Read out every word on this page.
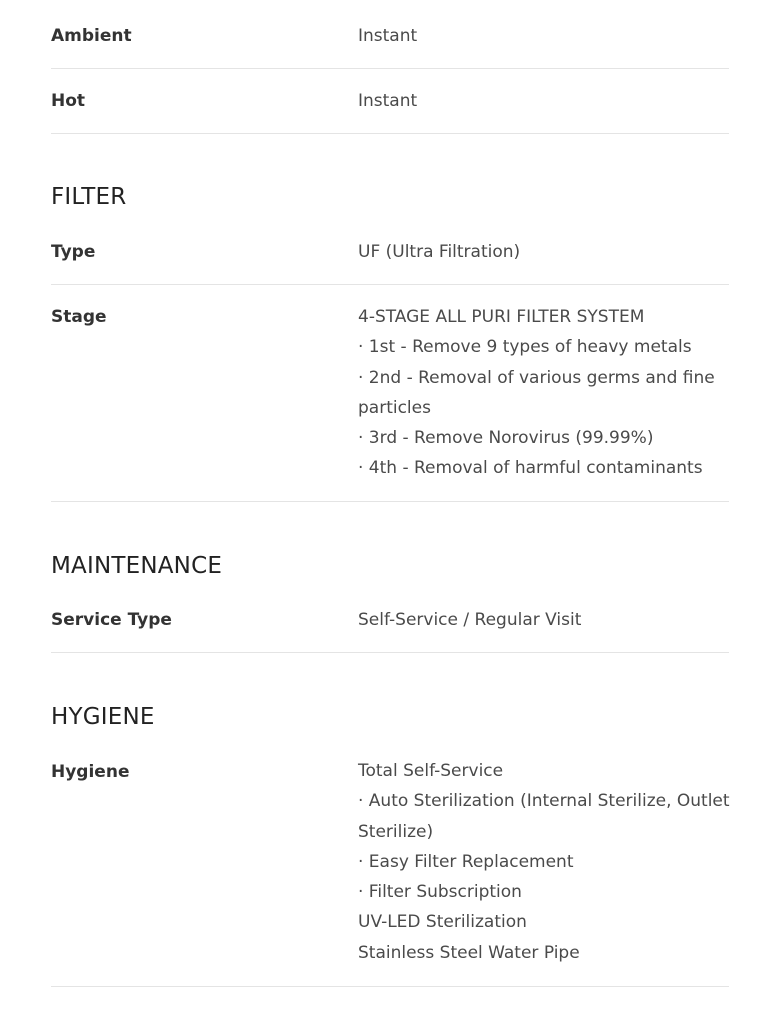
Ambient	Instant
Hot	Instant
FILTER
Type	UF (Ultra Filtration)
Stage	4-STAGE ALL PURI FILTER SYSTEM
· 1st - Remove 9 types of heavy metals
· 2nd - Removal of various germs and fine
particles
· 3rd - Remove Norovirus (99.99%)
· 4th - Removal of harmful contaminants
MAINTENANCE
Service Type	Self-Service / Regular Visit
HYGIENE
Hygiene	Total Self-Service
· Auto Sterilization (Internal Sterilize, Outlet
Sterilize)
· Easy Filter Replacement
· Filter Subscription
UV-LED Sterilization
Stainless Steel Water Pipe
